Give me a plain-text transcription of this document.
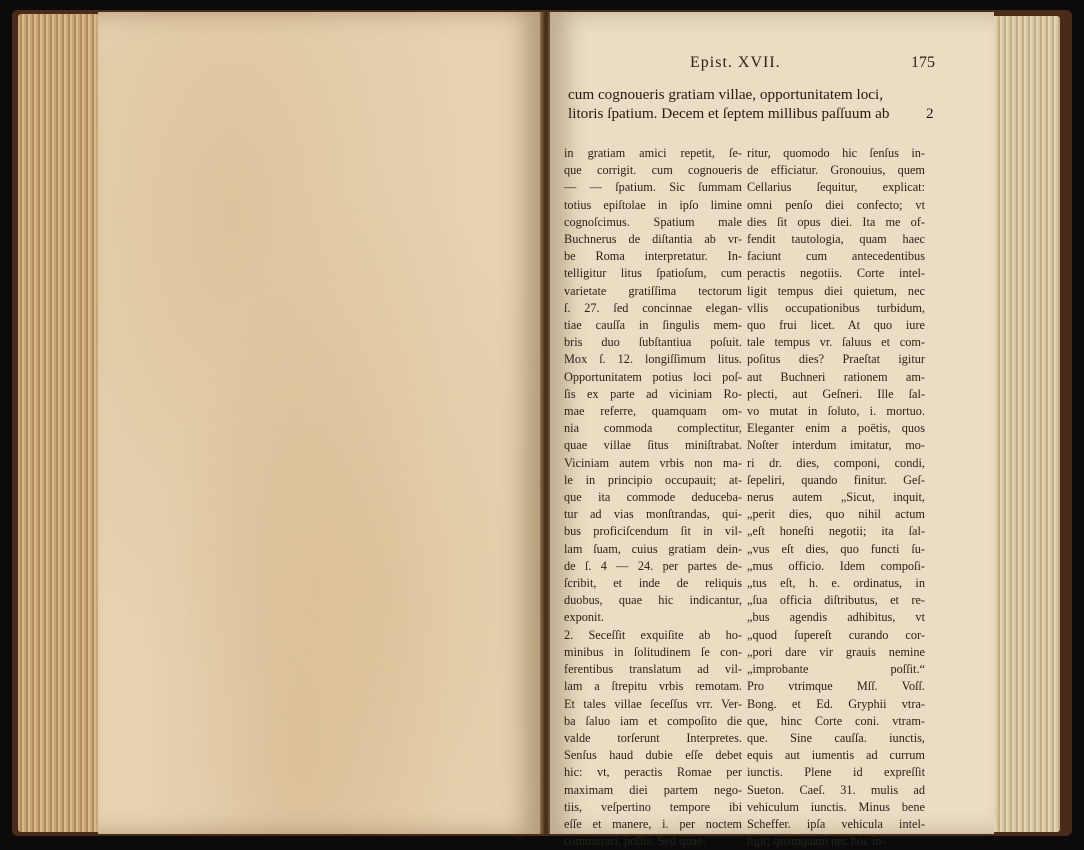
Epist. XVII.	175
cum cognoueris gratiam villae, opportunitatem loci,
litoris ſpatium. Decem et ſeptem millibus paſſuum ab	2
in gratiam amici repetit, ſe-
que corrigit. cum cognoueris
— — ſpatium. Sic ſummam
totius epiſtolae in ipſo limine
cognoſcimus. Spatium male
Buchnerus de diſtantia ab vr-
be Roma interpretatur. In-
telligitur litus ſpatioſum, cum
varietate gratiſſima tectorum
ſ. 27. ſed concinnae elegan-
tiae cauſſa in ſingulis mem-
bris duo ſubſtantiua poſuit.
Mox ſ. 12. longiſſimum litus.
Opportunitatem potius loci poſ-
ſis ex parte ad viciniam Ro-
mae referre, quamquam om-
nia commoda complectitur,
quae villae ſitus miniſtrabat.
Viciniam autem vrbis non ma-
le in principio occupauit; at-
que ita commode deduceba-
tur ad vias monſtrandas, qui-
bus proficiſcendum ſit in vil-
lam ſuam, cuius gratiam dein-
de ſ. 4 — 24. per partes de-
ſcribit, et inde de reliquis
duobus, quae hic indicantur,
exponit.
2. Seceſſit exquiſite ab ho-
minibus in ſolitudinem ſe con-
ferentibus translatum ad vil-
lam a ſtrepitu vrbis remotam.
Et tales villae ſeceſſus vrr. Ver-
ba ſaluo iam et compoſito die
valde torſerunt Interpretes.
Senſus haud dubie eſſe debet
hic: vt, peractis Romae per
maximam diei partem nego-
tiis, veſpertino tempore ibi
eſſe et manere, i. per noctem
commorari, poſſis. Sed quae-
ritur, quomodo hic ſenſus in-
de efficiatur. Gronouius, quem
Cellarius ſequitur, explicat:
omni penſo diei confecto; vt
dies ſit opus diei. Ita me of-
fendit tautologia, quam haec
faciunt cum antecedentibus
peractis negotiis. Corte intel-
ligit tempus diei quietum, nec
vllis occupationibus turbidum,
quo frui licet. At quo iure
tale tempus vr. ſaluus et com-
poſitus dies? Praeſtat igitur
aut Buchneri rationem am-
plecti, aut Geſneri. Ille ſal-
vo mutat in ſoluto, i. mortuo.
Eleganter enim a poëtis, quos
Noſter interdum imitatur, mo-
ri dr. dies, componi, condi,
ſepeliri, quando finitur. Geſ-
nerus autem „Sicut, inquit,
„perit dies, quo nihil actum
„eſt honeſti negotii; ita ſal-
„vus eſt dies, quo functi ſu-
„mus officio. Idem compoſi-
„tus eſt, h. e. ordinatus, in
„ſua officia diſtributus, et re-
„bus agendis adhibitus, vt
„quod ſupereſt curando cor-
„pori dare vir grauis nemine
„improbante poſſit.“
Pro vtrimque Mſſ. Voſſ.
Bong. et Ed. Gryphii vtra-
que, hinc Corte coni. vtram-
que. Sine cauſſa. iunctis,
equis aut iumentis ad currum
iunctis. Plene id expreſſit
Sueton. Caeſ. 31. mulis ad
vehiculum iunctis. Minus bene
Scheffer. ipſa vehicula intel-
ligit; quamquam nec hoc in-
